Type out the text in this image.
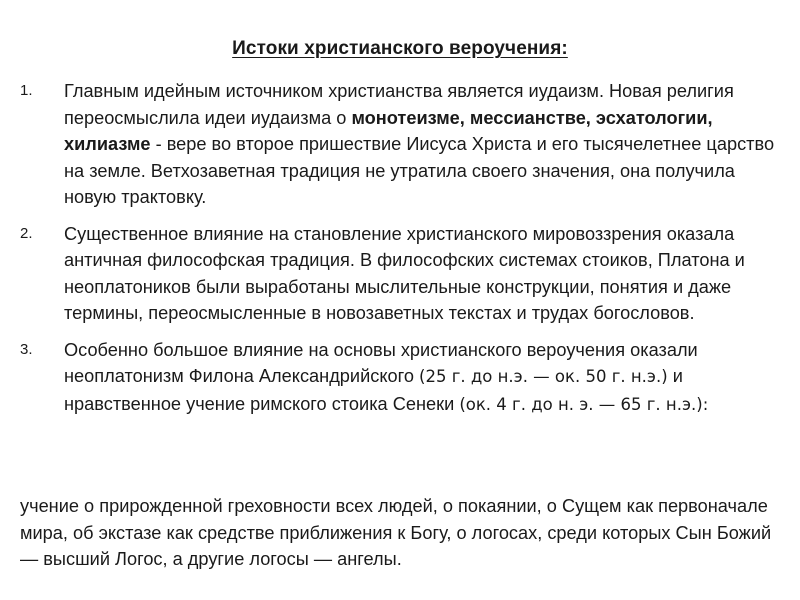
Истоки христианского вероучения:
1. Главным идейным источником христианства является иудаизм. Новая религия переосмыслила идеи иудаизма о монотеизме, мессианстве, эсхатологии, хилиазме - вере во второе пришествие Иисуса Христа и его тысячелетнее царство на земле. Ветхозаветная традиция не утратила своего значения, она получила новую трактовку.
2. Существенное влияние на становление христианского мировоззрения оказала античная философская традиция. В философских системах стоиков, Платона и неоплатоников были выработаны мыслительные конструкции, понятия и даже термины, переосмысленные в новозаветных текстах и трудах богословов.
3. Особенно большое влияние на основы христианского вероучения оказали неоплатонизм Филона Александрийского (25 г. до н.э. — ок. 50 г. н.э.) и нравственное учение римского стоика Сенеки (ок. 4 г. до н. э. — 65 г. н.э.):
учение о прирожденной греховности всех людей, о покаянии, о Сущем как первоначале мира, об экстазе как средстве приближения к Богу, о логосах, среди которых Сын Божий — высший Логос, а другие логосы — ангелы.
